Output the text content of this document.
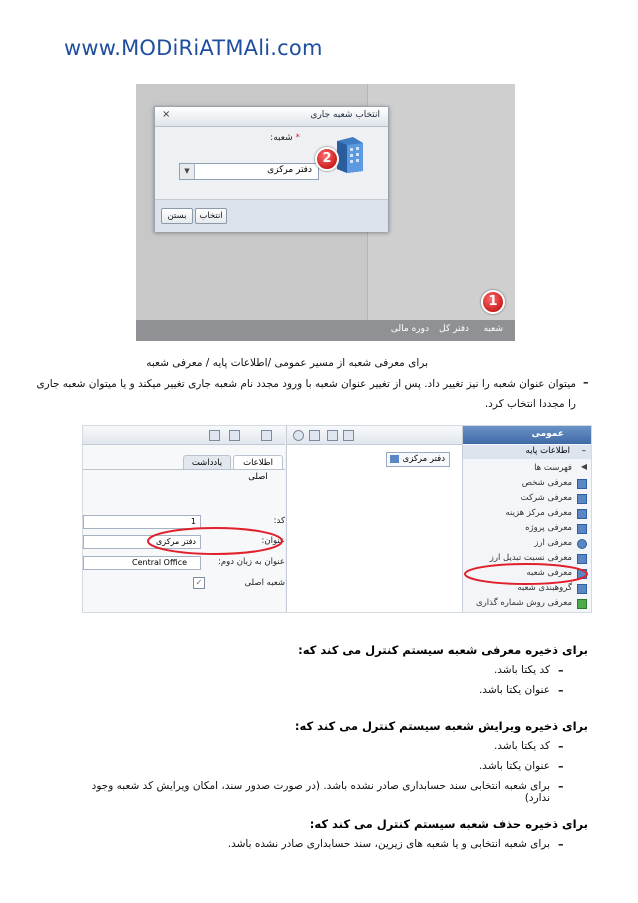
www.MODiRiATMAli.com
×	انتخاب شعبه جاری
* شعبه:
▼	دفتر مرکزی
2
انتخاب
بستن
1
شعبه
دفتر کل
دوره مالی
برای معرفی شعبه از مسیر عمومی /اطلاعات پایه / معرفی شعبه
–
میتوان عنوان شعبه را نیز تغییر داد. پس از تغییر عنوان شعبه با ورود مجدد نام شعبه جاری تغییر میکند و یا میتوان شعبه جاری
را مجددا انتخاب کرد.
اطلاعات اصلی
یادداشت
کد:
1
عنوان:
دفتر مرکزی
عنوان به زبان دوم:
Central Office
شعبه اصلی
✓
دفتر مرکزی
عمومی
اطلاعات پایه –
◀
فهرست ها
معرفی شخص
معرفی شرکت
معرفی مرکز هزینه
معرفی پروژه
معرفی ارز
معرفی نسبت تبدیل ارز
معرفی شعبه
گروهبندی شعبه
معرفی روش شماره گذاری
برای ذخیره معرفی شعبه سیستم کنترل می کند که:
–
کد یکتا باشد.
–
عنوان یکتا باشد.
برای ذخیره ویرایش شعبه سیستم کنترل می کند که:
–
کد یکتا باشد.
–
عنوان یکتا باشد.
–
برای شعبه انتخابی سند حسابداری صادر نشده باشد. (در صورت صدور سند، امکان ویرایش کد شعبه وجود ندارد)
برای ذخیره حذف شعبه سیستم کنترل می کند که:
–
برای شعبه انتخابی و یا شعبه های زیرین، سند حسابداری صادر نشده باشد.
